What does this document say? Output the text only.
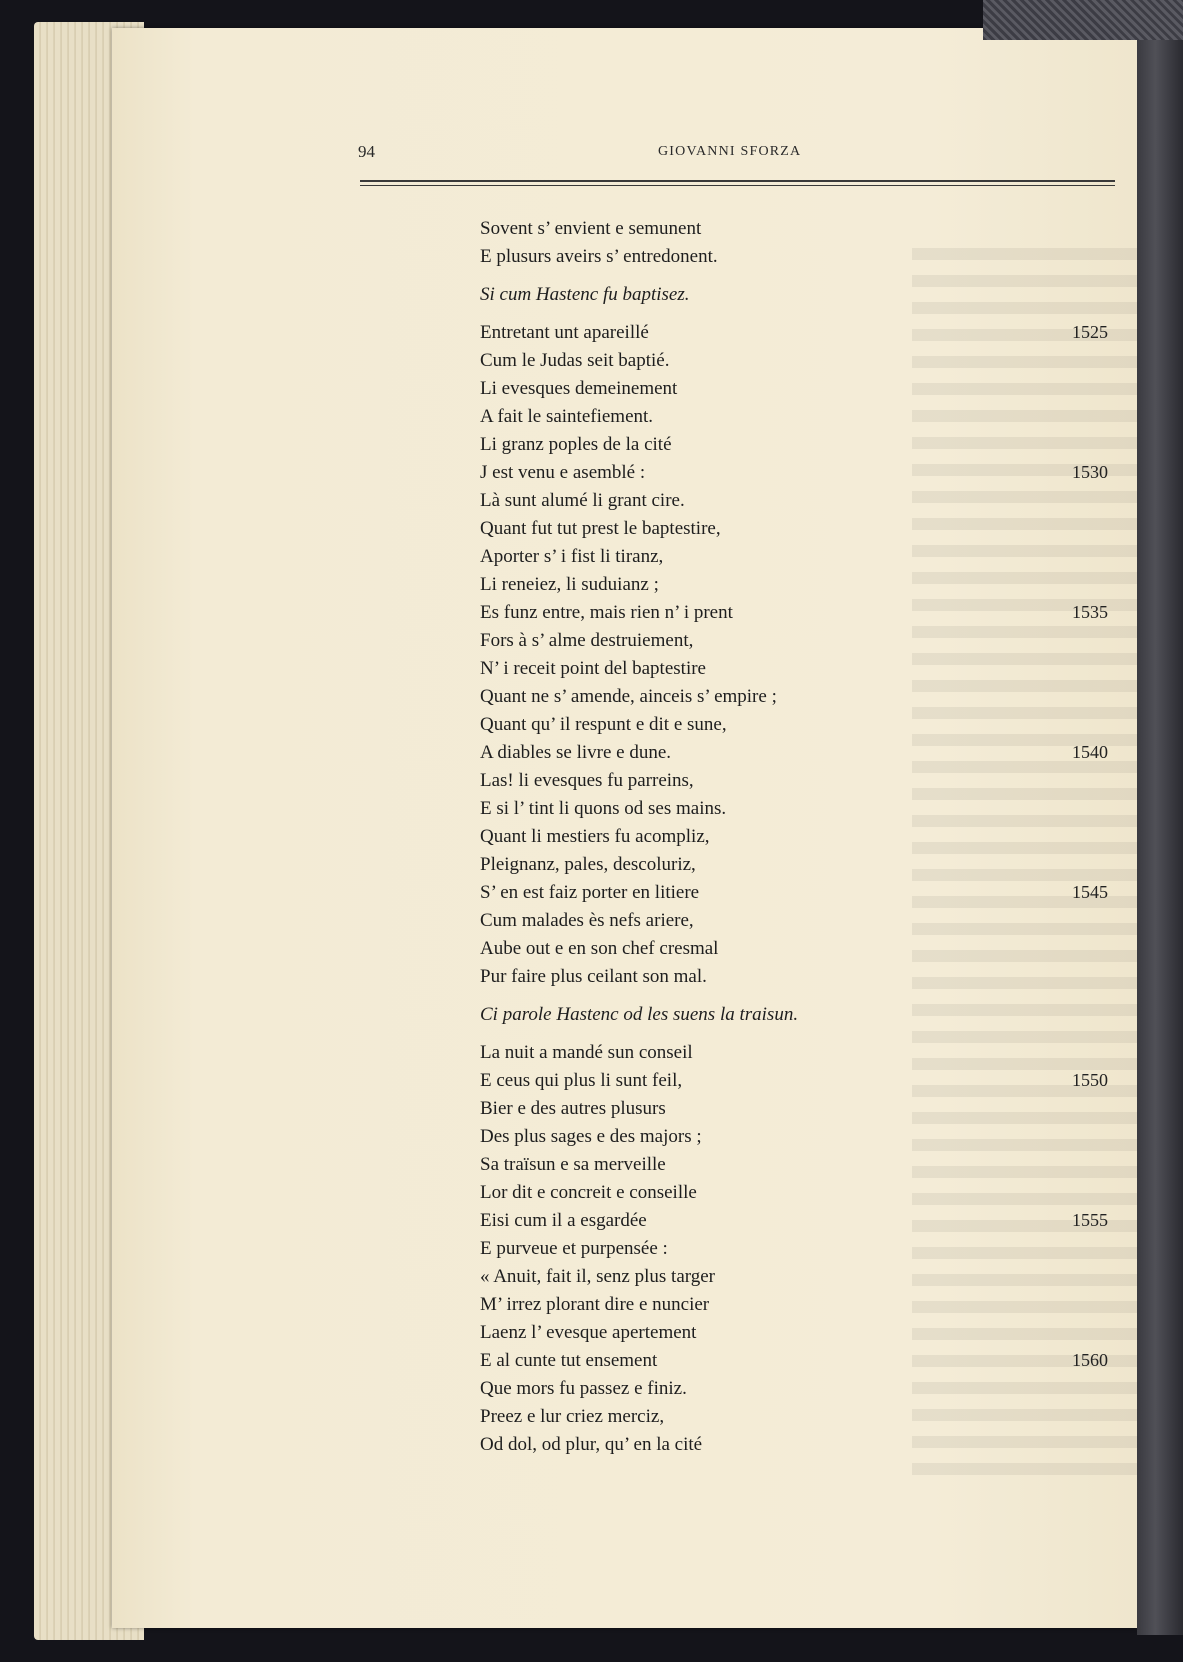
94	GIOVANNI SFORZA
Sovent s’ envient e semunent
E plusurs aveirs s’ entredonent.
Si cum Hastenc fu baptisez.
Entretant unt apareillé
Cum le Judas seit baptié.
Li evesques demeinement
A fait le saintefiement.
Li granz poples de la cité
J est venu e asemblé :
Là sunt alumé li grant cire.
Quant fut tut prest le baptestire,
Aporter s’ i fist li tiranz,
Li reneiez, li suduianz ;
Es funz entre, mais rien n’ i prent
Fors à s’ alme destruiement,
N’ i receit point del baptestire
Quant ne s’ amende, ainceis s’ empire ;
Quant qu’ il respunt e dit e sune,
A diables se livre e dune.
Las! li evesques fu parreins,
E si l’ tint li quons od ses mains.
Quant li mestiers fu acompliz,
Pleignanz, pales, descoluriz,
S’ en est faiz porter en litiere
Cum malades ès nefs ariere,
Aube out e en son chef cresmal
Pur faire plus ceilant son mal.
Ci parole Hastenc od les suens la traisun.
La nuit a mandé sun conseil
E ceus qui plus li sunt feil,
Bier e des autres plusurs
Des plus sages e des majors ;
Sa traïsun e sa merveille
Lor dit e concreit e conseille
Eisi cum il a esgardée
E purveue et purpensée :
« Anuit, fait il, senz plus targer
M’ irrez plorant dire e nuncier
Laenz l’ evesque apertement
E al cunte tut ensement
Que mors fu passez e finiz.
Preez e lur criez merciz,
Od dol, od plur, qu’ en la cité
1525
1530
1535
1540
1545
1550
1555
1560
